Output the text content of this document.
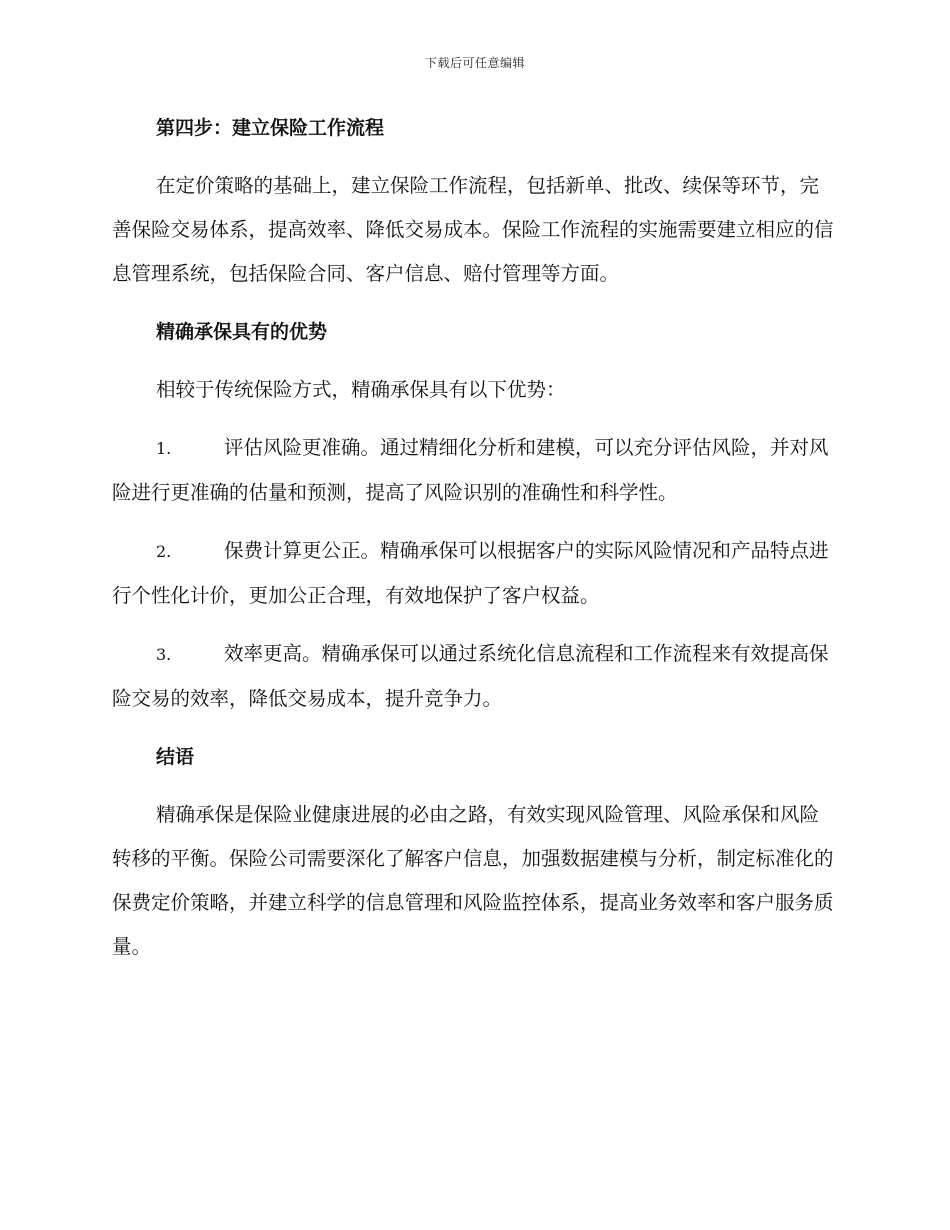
下载后可任意编辑
第四步：建立保险工作流程

在定价策略的基础上，建立保险工作流程，包括新单、批改、续保等环节，完善保险交易体系，提高效率、降低交易成本。保险工作流程的实施需要建立相应的信息管理系统，包括保险合同、客户信息、赔付管理等方面。

精确承保具有的优势

相较于传统保险方式，精确承保具有以下优势：

1.	评估风险更准确。通过精细化分析和建模，可以充分评估风险，并对风险进行更准确的估量和预测，提高了风险识别的准确性和科学性。

2.	保费计算更公正。精确承保可以根据客户的实际风险情况和产品特点进行个性化计价，更加公正合理，有效地保护了客户权益。

3.	效率更高。精确承保可以通过系统化信息流程和工作流程来有效提高保险交易的效率，降低交易成本，提升竞争力。

结语

精确承保是保险业健康进展的必由之路，有效实现风险管理、风险承保和风险转移的平衡。保险公司需要深化了解客户信息，加强数据建模与分析，制定标准化的保费定价策略，并建立科学的信息管理和风险监控体系，提高业务效率和客户服务质量。
